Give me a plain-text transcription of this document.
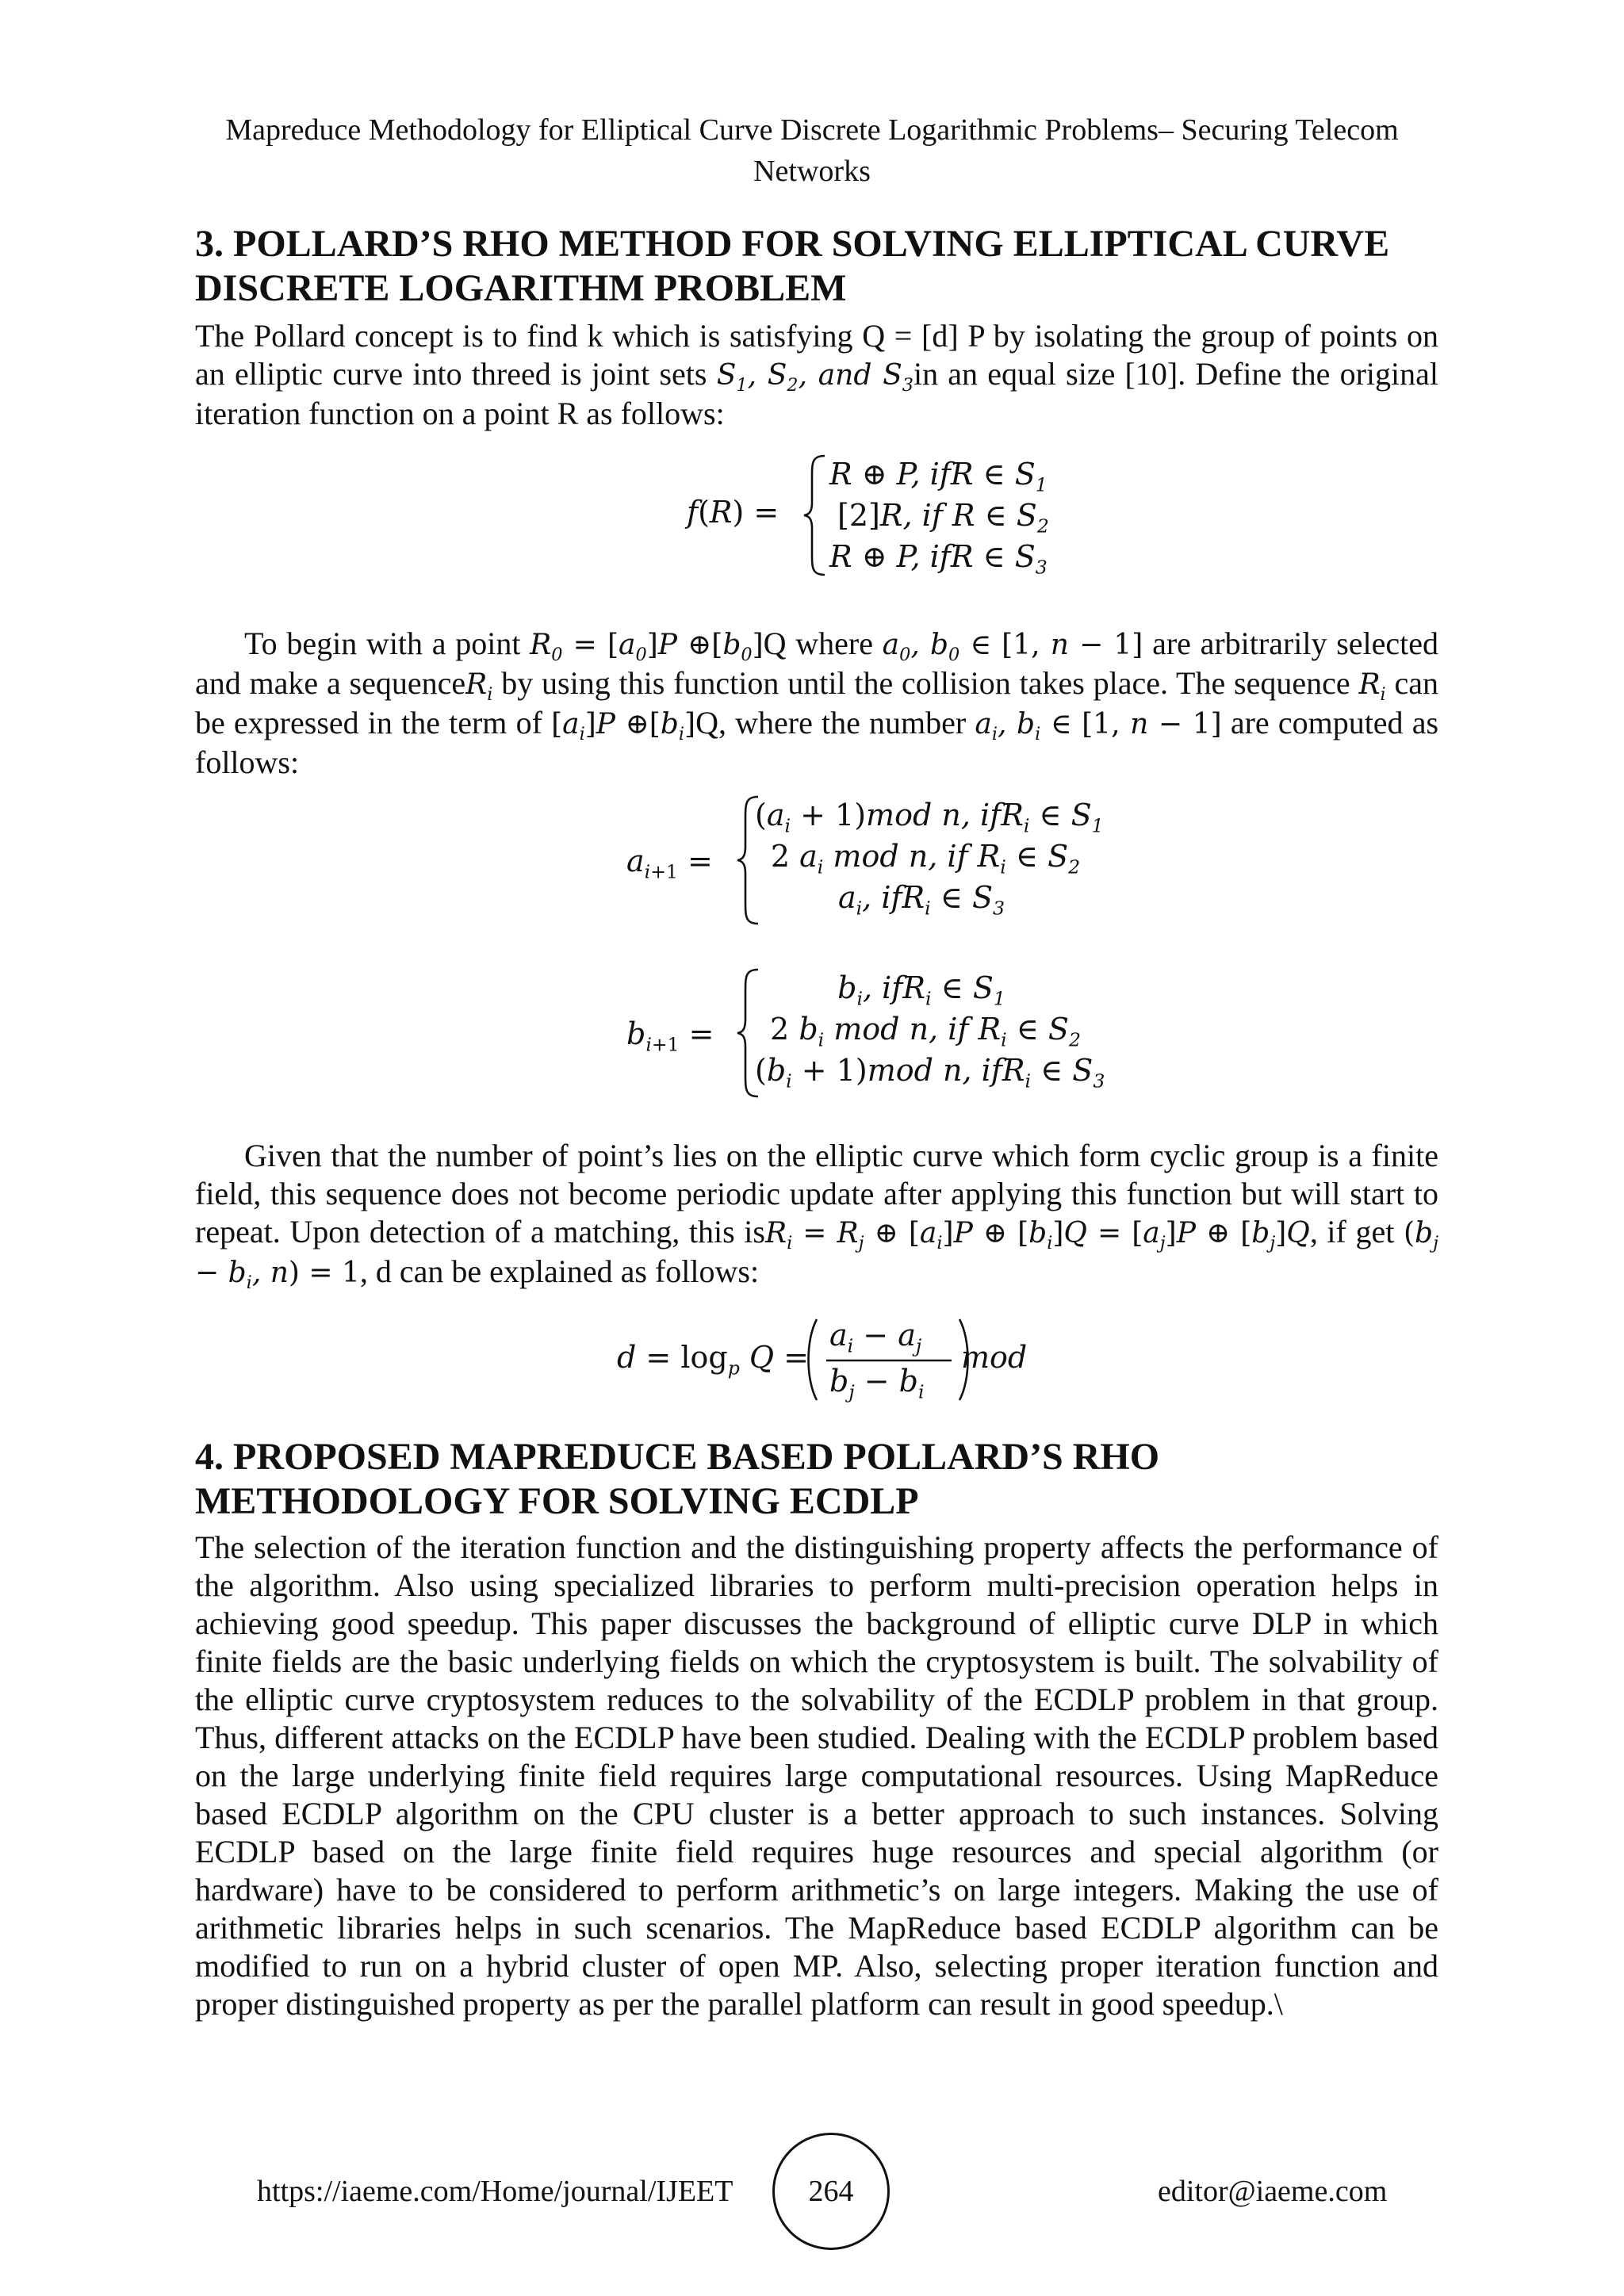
Mapreduce Methodology for Elliptical Curve Discrete Logarithmic Problems– Securing Telecom
Networks
3. POLLARD’S RHO METHOD FOR SOLVING ELLIPTICAL CURVE
DISCRETE LOGARITHM PROBLEM
The Pollard concept is to find k which is satisfying Q = [d] P by isolating the group of points on an elliptic curve into threed is joint sets $S_1$, $S_2$, and $S_3in$ an equal size [10]. Define the original iteration function on a point R as follows:
f(R) =
R ⊕ P, ifR ∈ $S_1$
[2]R, if R ∈ $S_2$
R ⊕ P, ifR ∈ $S_3$
To begin with a point $R_0 = [a_0]P$ $\oplus[b_0]Q$ where $a_0$, $b_0$ ∈ [1, n − 1] are arbitrarily selected and make a sequenceR$_i$ by using this function until the collision takes place. The sequence $R_i$ can be expressed in the term of $[a_i]P$ $\oplus[b_i]Q$, where the number $a_i$, $b_i$ ∈ [1, n − 1] are computed as follows:
$a_{i+1}$ =
$(a_i + 1)mod$ n, ifR$_i$ ∈ $S_1$
2 $a_i$ mod n, if $R_i$ ∈ $S_2$
$a_i$, ifR$_i$ ∈ $S_3$
$b_{i+1}$ =
$b_i$, ifR$_i$ ∈ $S_1$
2 $b_i$ mod n, if $R_i$ ∈ $S_2$
$(b_i + 1)mod$ n, ifR$_i$ ∈ $S_3$
Given that the number of point’s lies on the elliptic curve which form cyclic group is a finite field, this sequence does not become periodic update after applying this function but will start to repeat. Upon detection of a matching, this $isR_i = R_j$ ⊕ $[a_i]P$ ⊕ $[b_i]Q = [a_j]P$ ⊕ $[b_j]Q$, if get ($b_j - b_i$, n) = 1, d can be explained as follows:
$d = \log_p Q$ =
$a_i - a_j$
$b_j - b_i$
mod
4. PROPOSED MAPREDUCE BASED POLLARD’S RHO
METHODOLOGY FOR SOLVING ECDLP
The selection of the iteration function and the distinguishing property affects the performance of the algorithm. Also using specialized libraries to perform multi-precision operation helps in achieving good speedup. This paper discusses the background of elliptic curve DLP in which finite fields are the basic underlying fields on which the cryptosystem is built. The solvability of the elliptic curve cryptosystem reduces to the solvability of the ECDLP problem in that group. Thus, different attacks on the ECDLP have been studied. Dealing with the ECDLP problem based on the large underlying finite field requires large computational resources. Using MapReduce based ECDLP algorithm on the CPU cluster is a better approach to such instances. Solving ECDLP based on the large finite field requires huge resources and special algorithm (or hardware) have to be considered to perform arithmetic’s on large integers. Making the use of arithmetic libraries helps in such scenarios. The MapReduce based ECDLP algorithm can be modified to run on a hybrid cluster of open MP. Also, selecting proper iteration function and proper distinguished property as per the parallel platform can result in good speedup.\
https://iaeme.com/Home/journal/IJEET	264	editor@iaeme.com
